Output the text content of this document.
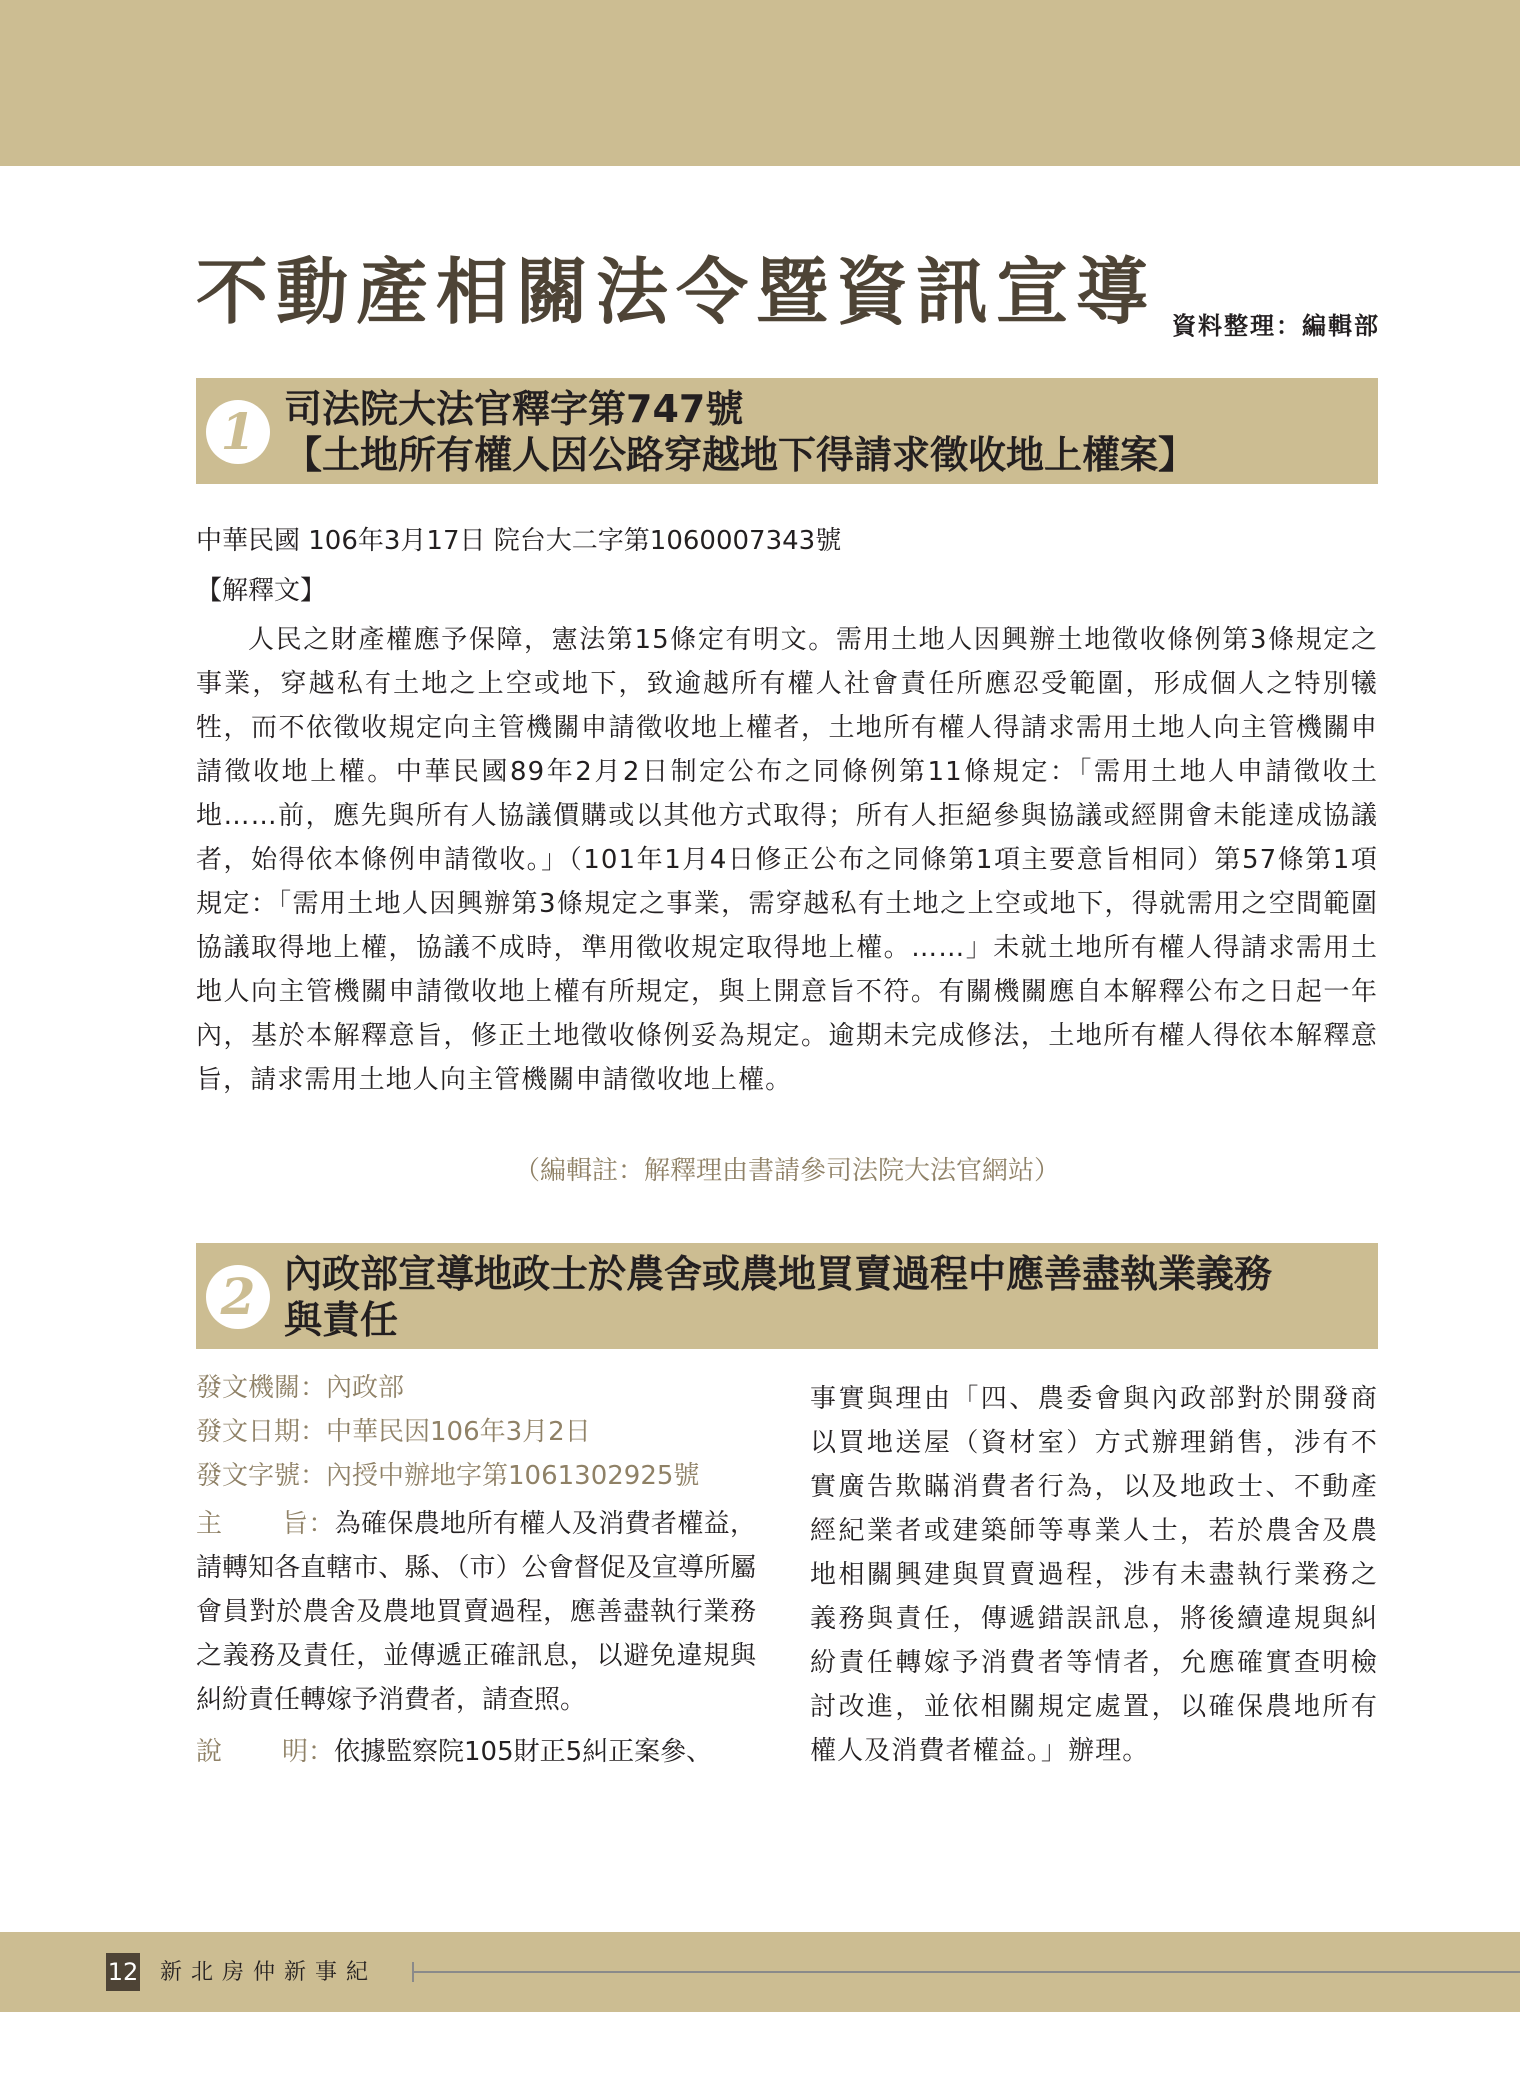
不動產相關法令暨資訊宣導 資料整理：編輯部
1 司法院大法官釋字第747號
【土地所有權人因公路穿越地下得請求徵收地上權案】
中華民國 106年3月17日 院台大二字第1060007343號
【解釋文】

人民之財產權應予保障，憲法第15條定有明文。需用土地人因興辦土地徵收條例第3條規定之事業，穿越私有土地之上空或地下，致逾越所有權人社會責任所應忍受範圍，形成個人之特別犧牲，而不依徵收規定向主管機關申請徵收地上權者，土地所有權人得請求需用土地人向主管機關申請徵收地上權。中華民國89年2月2日制定公布之同條例第11條規定：「需用土地人申請徵收土地……前，應先與所有人協議價購或以其他方式取得；所有人拒絕參與協議或經開會未能達成協議者，始得依本條例申請徵收。」（101年1月4日修正公布之同條第1項主要意旨相同）第57條第1項規定：「需用土地人因興辦第3條規定之事業，需穿越私有土地之上空或地下，得就需用之空間範圍協議取得地上權，協議不成時，準用徵收規定取得地上權。……」未就土地所有權人得請求需用土地人向主管機關申請徵收地上權有所規定，與上開意旨不符。有關機關應自本解釋公布之日起一年內，基於本解釋意旨，修正土地徵收條例妥為規定。逾期未完成修法，土地所有權人得依本解釋意旨，請求需用土地人向主管機關申請徵收地上權。

（編輯註：解釋理由書請參司法院大法官網站）
2 內政部宣導地政士於農舍或農地買賣過程中應善盡執業義務
與責任
發文機關：內政部
發文日期：中華民因106年3月2日
發文字號：內授中辦地字第1061302925號
主　旨：為確保農地所有權人及消費者權益，請轉知各直轄市、縣、（市）公會督促及宣導所屬會員對於農舍及農地買賣過程，應善盡執行業務之義務及責任，並傳遞正確訊息，以避免違規與糾紛責任轉嫁予消費者，請查照。
說　明：依據監察院105財正5糾正案參、

事實與理由「四、農委會與內政部對於開發商以買地送屋（資材室）方式辦理銷售，涉有不實廣告欺瞞消費者行為，以及地政士、不動產經紀業者或建築師等專業人士，若於農舍及農地相關興建與買賣過程，涉有未盡執行業務之義務與責任，傳遞錯誤訊息，將後續違規與糾紛責任轉嫁予消費者等情者，允應確實查明檢討改進，並依相關規定處置，以確保農地所有權人及消費者權益。」辦理。

12 新北房仲新事紀
